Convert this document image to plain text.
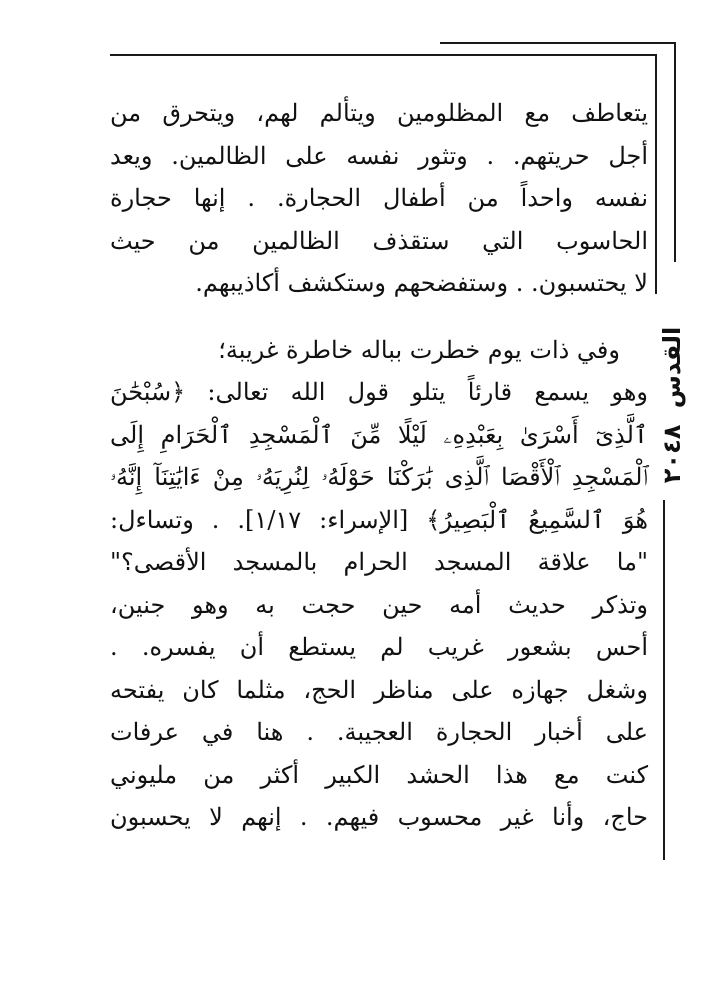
القدس ٢٠٤٨
يتعاطف مع المظلومين ويتألم لهم، ويتحرق من
أجل حريتهم. . وتثور نفسه على الظالمين. ويعد
نفسه واحداً من أطفال الحجارة. . إنها حجارة
الحاسوب التي ستقذف الظالمين من حيث
لا يحتسبون. . وستفضحهم وستكشف أكاذيبهم.
وفي ذات يوم خطرت بباله خاطرة غريبة؛
وهو يسمع قارئاً يتلو قول الله تعالى: ﴿سُبْحَٰنَ
ٱلَّذِىٓ أَسْرَىٰ بِعَبْدِهِۦ لَيْلًا مِّنَ ٱلْمَسْجِدِ ٱلْحَرَامِ إِلَى
ٱلْمَسْجِدِ ٱلْأَقْصَا ٱلَّذِى بَٰرَكْنَا حَوْلَهُۥ لِنُرِيَهُۥ مِنْ ءَايَٰتِنَآ إِنَّهُۥ
هُوَ ٱلسَّمِيعُ ٱلْبَصِيرُ﴾ [الإسراء: ١/١٧]. . وتساءل:
"ما علاقة المسجد الحرام بالمسجد الأقصى؟"
وتذكر حديث أمه حين حجت به وهو جنين،
أحس بشعور غريب لم يستطع أن يفسره. .
وشغل جهازه على مناظر الحج، مثلما كان يفتحه
على أخبار الحجارة العجيبة. . هنا في عرفات
كنت مع هذا الحشد الكبير أكثر من مليوني
حاج، وأنا غير محسوب فيهم. . إنهم لا يحسبون
